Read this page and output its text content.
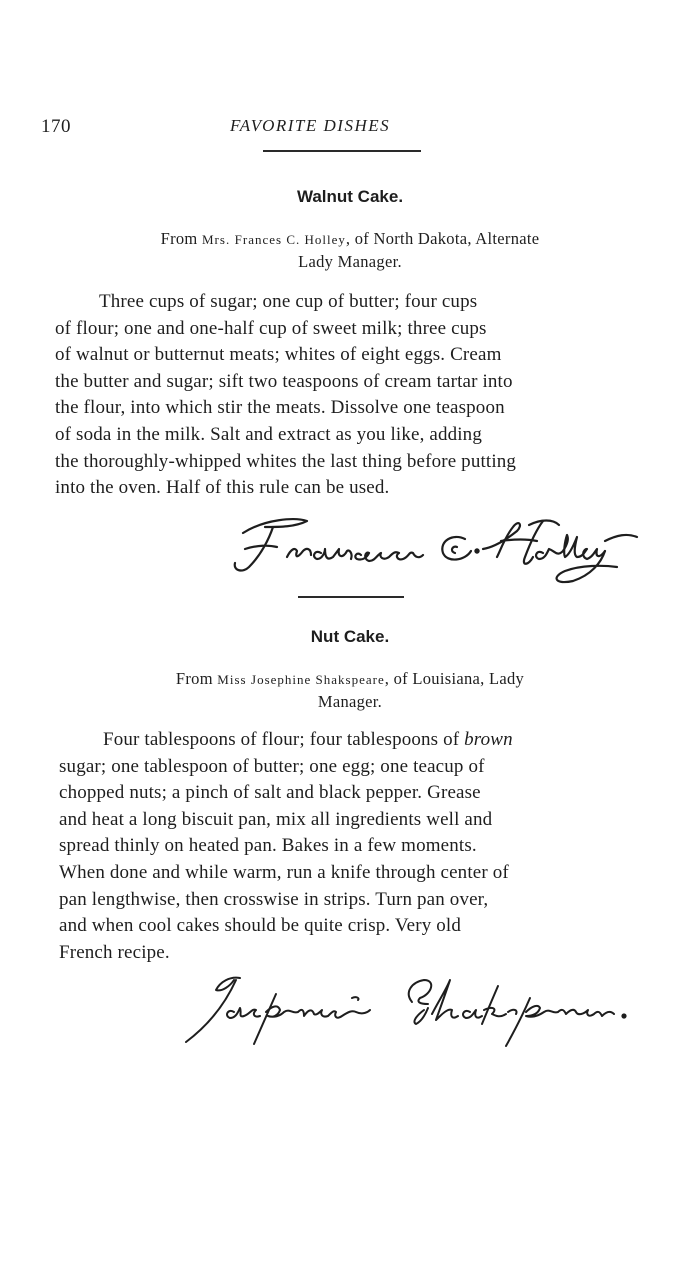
170	FAVORITE DISHES
Walnut Cake.
From Mrs. Frances C. Holley, of North Dakota, Alternate
Lady Manager.
Three cups of sugar; one cup of butter; four cups
of flour; one and one-half cup of sweet milk; three cups
of walnut or butternut meats; whites of eight eggs. Cream
the butter and sugar; sift two teaspoons of cream tartar into
the flour, into which stir the meats. Dissolve one teaspoon
of soda in the milk. Salt and extract as you like, adding
the thoroughly-whipped whites the last thing before putting
into the oven. Half of this rule can be used.
Nut Cake.
From Miss Josephine Shakspeare, of Louisiana, Lady
Manager.
Four tablespoons of flour; four tablespoons of brown
sugar; one tablespoon of butter; one egg; one teacup of
chopped nuts; a pinch of salt and black pepper. Grease
and heat a long biscuit pan, mix all ingredients well and
spread thinly on heated pan. Bakes in a few moments.
When done and while warm, run a knife through center of
pan lengthwise, then crosswise in strips. Turn pan over,
and when cool cakes should be quite crisp. Very old
French recipe.
